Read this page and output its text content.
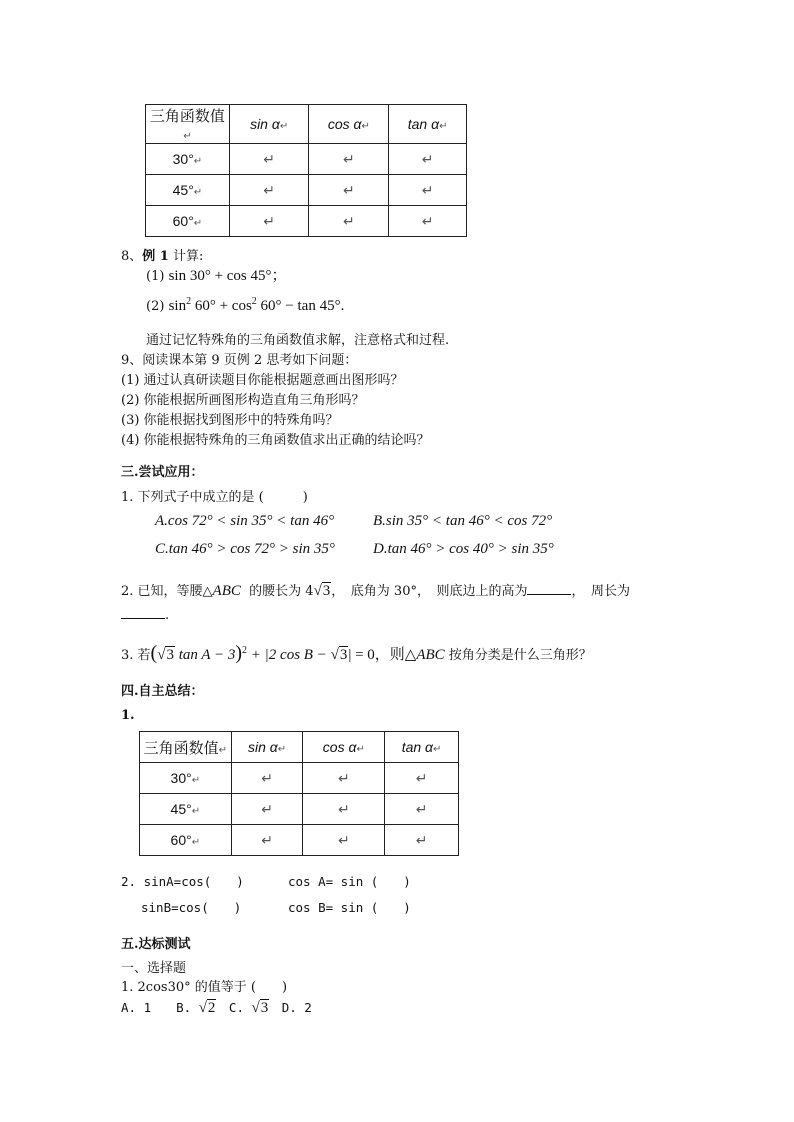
三角函数值↵	sin α↵	cos α↵	tan α↵
30°↵	↵	↵	↵
45°↵	↵	↵	↵
60°↵	↵	↵	↵
8、例 1 计算:
(1) sin 30° + cos 45°；
(2) $\sin^2 60^\circ + \cos^2 60^\circ - \tan 45^\circ$.
通过记忆特殊角的三角函数值求解，注意格式和过程.
9、阅读课本第 9 页例 2 思考如下问题：
(1) 通过认真研读题目你能根据题意画出图形吗？
(2) 你能根据所画图形构造直角三角形吗？
(3) 你能根据找到图形中的特殊角吗？
(4) 你能根据特殊角的三角函数值求出正确的结论吗？
三.尝试应用：
1. 下列式子中成立的是 (　　　)
A.cos 72° < sin 35° < tan 46°	B.sin 35° < tan 46° < cos 72°
C.tan 46° > cos 72° > sin 35°	D.tan 46° > cos 40° > sin 35°
2. 已知，等腰△ABC 的腰长为 4√3，　底角为 30°，　则底边上的高为	，　周长为
.
3. 若(√3 tan A − 3)$^2$ + |2 cos B − √3| = 0，则△ABC 按角分类是什么三角形？
四.自主总结：
1.
三角函数值↵	sin α↵	cos α↵	tan α↵
30°↵	↵	↵	↵
45°↵	↵	↵	↵
60°↵	↵	↵	↵
2. sinA=cos(　　)	cos A= sin (　　)
sinB=cos(　　)	cos B= sin (　　)
五.达标测试
一、选择题
1. 2cos30° 的值等于 (　　)
A. 1　　B. √2　C. √3　D. 2
